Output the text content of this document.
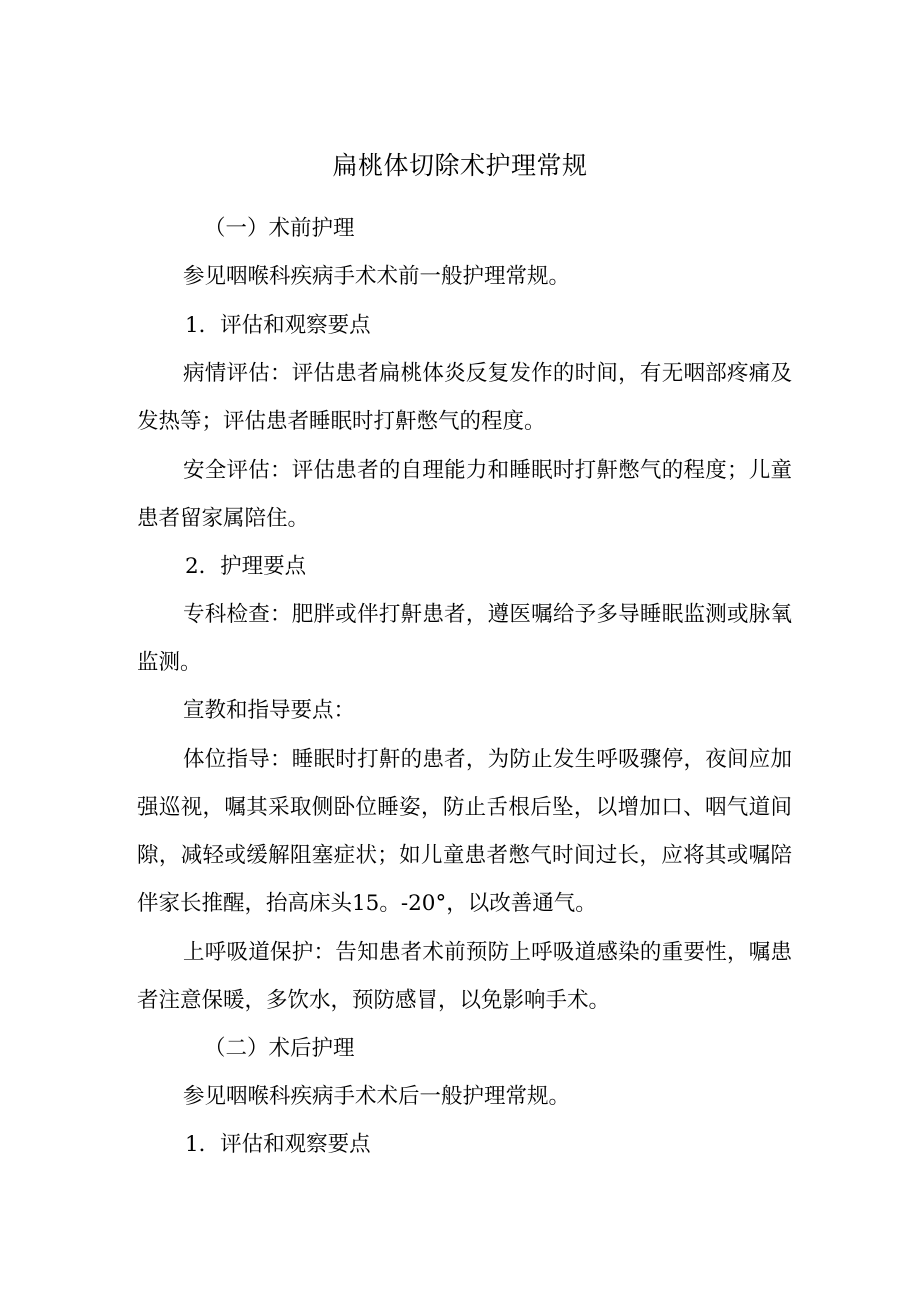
扁桃体切除术护理常规

（一）术前护理

参见咽喉科疾病手术术前一般护理常规。

1．评估和观察要点

病情评估：评估患者扁桃体炎反复发作的时间，有无咽部疼痛及发热等；评估患者睡眠时打鼾憋气的程度。

安全评估：评估患者的自理能力和睡眠时打鼾憋气的程度；儿童患者留家属陪住。

2．护理要点

专科检查：肥胖或伴打鼾患者，遵医嘱给予多导睡眠监测或脉氧监测。

宣教和指导要点：

体位指导：睡眠时打鼾的患者，为防止发生呼吸骤停，夜间应加强巡视，嘱其采取侧卧位睡姿，防止舌根后坠，以增加口、咽气道间隙，减轻或缓解阻塞症状；如儿童患者憋气时间过长，应将其或嘱陪伴家长推醒，抬高床头15。-20°，以改善通气。

上呼吸道保护：告知患者术前预防上呼吸道感染的重要性，嘱患者注意保暖，多饮水，预防感冒，以免影响手术。

（二）术后护理

参见咽喉科疾病手术术后一般护理常规。

1．评估和观察要点
